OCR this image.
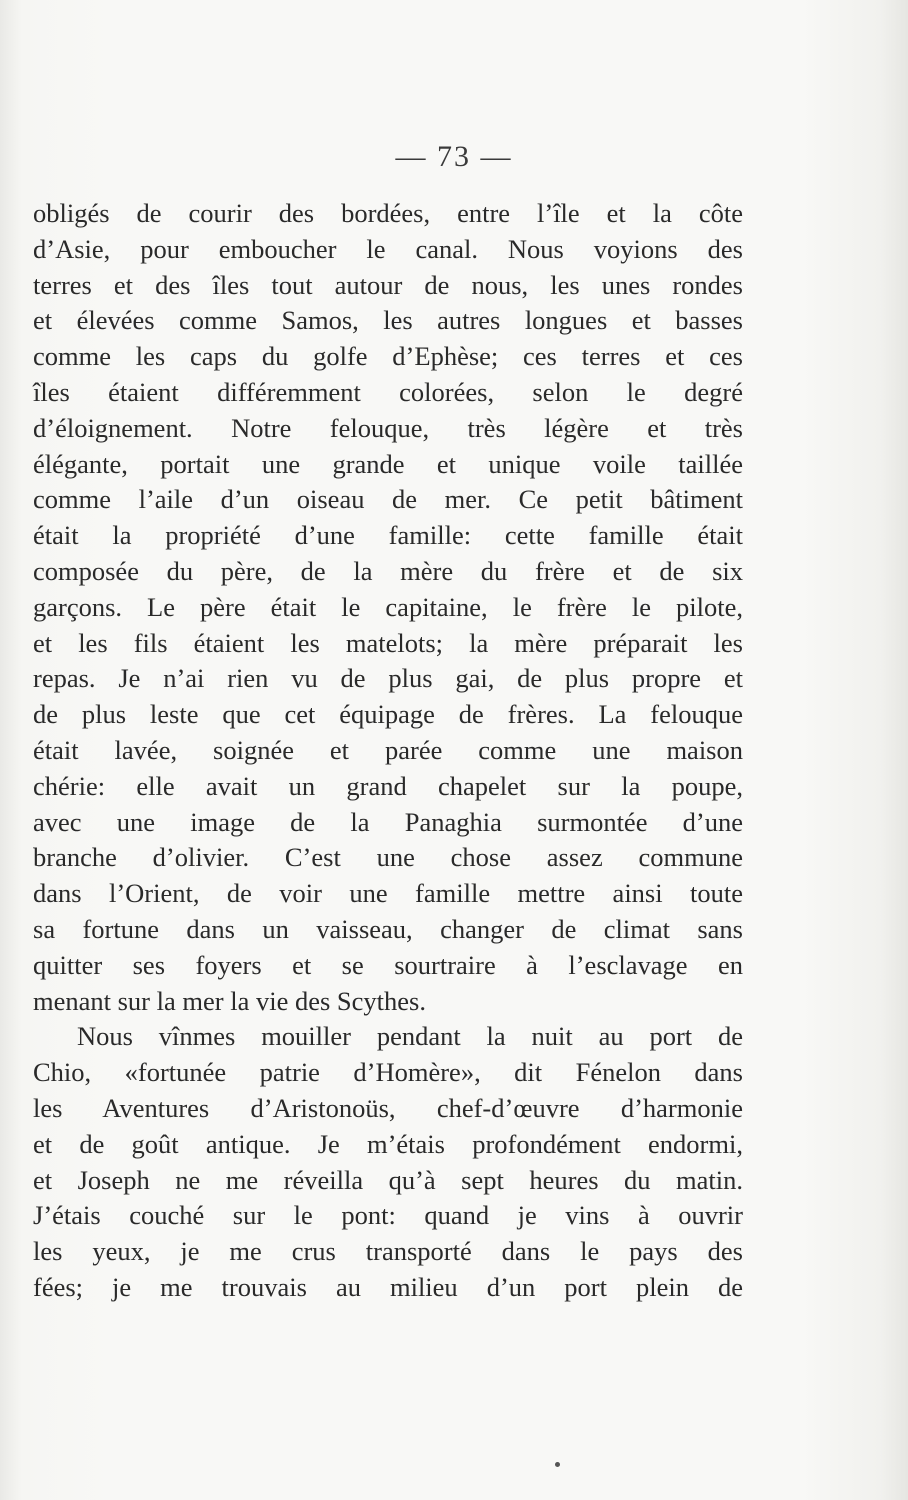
— 73 —
obligés de courir des bordées, entre l’île et la côte
d’Asie, pour emboucher le canal. Nous voyions des
terres et des îles tout autour de nous, les unes rondes
et élevées comme Samos, les autres longues et basses
comme les caps du golfe d’Ephèse; ces terres et ces
îles étaient différemment colorées, selon le degré
d’éloignement. Notre felouque, très légère et très
élégante, portait une grande et unique voile taillée
comme l’aile d’un oiseau de mer. Ce petit bâtiment
était la propriété d’une famille: cette famille était
composée du père, de la mère du frère et de six
garçons. Le père était le capitaine, le frère le pilote,
et les fils étaient les matelots; la mère préparait les
repas. Je n’ai rien vu de plus gai, de plus propre et
de plus leste que cet équipage de frères. La felouque
était lavée, soignée et parée comme une maison
chérie: elle avait un grand chapelet sur la poupe,
avec une image de la Panaghia surmontée d’une
branche d’olivier. C’est une chose assez commune
dans l’Orient, de voir une famille mettre ainsi toute
sa fortune dans un vaisseau, changer de climat sans
quitter ses foyers et se sourtraire à l’esclavage en
menant sur la mer la vie des Scythes.
Nous vînmes mouiller pendant la nuit au port de
Chio, «fortunée patrie d’Homère», dit Fénelon dans
les Aventures d’Aristonoüs, chef-d’œuvre d’harmonie
et de goût antique. Je m’étais profondément endormi,
et Joseph ne me réveilla qu’à sept heures du matin.
J’étais couché sur le pont: quand je vins à ouvrir
les yeux, je me crus transporté dans le pays des
fées; je me trouvais au milieu d’un port plein de
